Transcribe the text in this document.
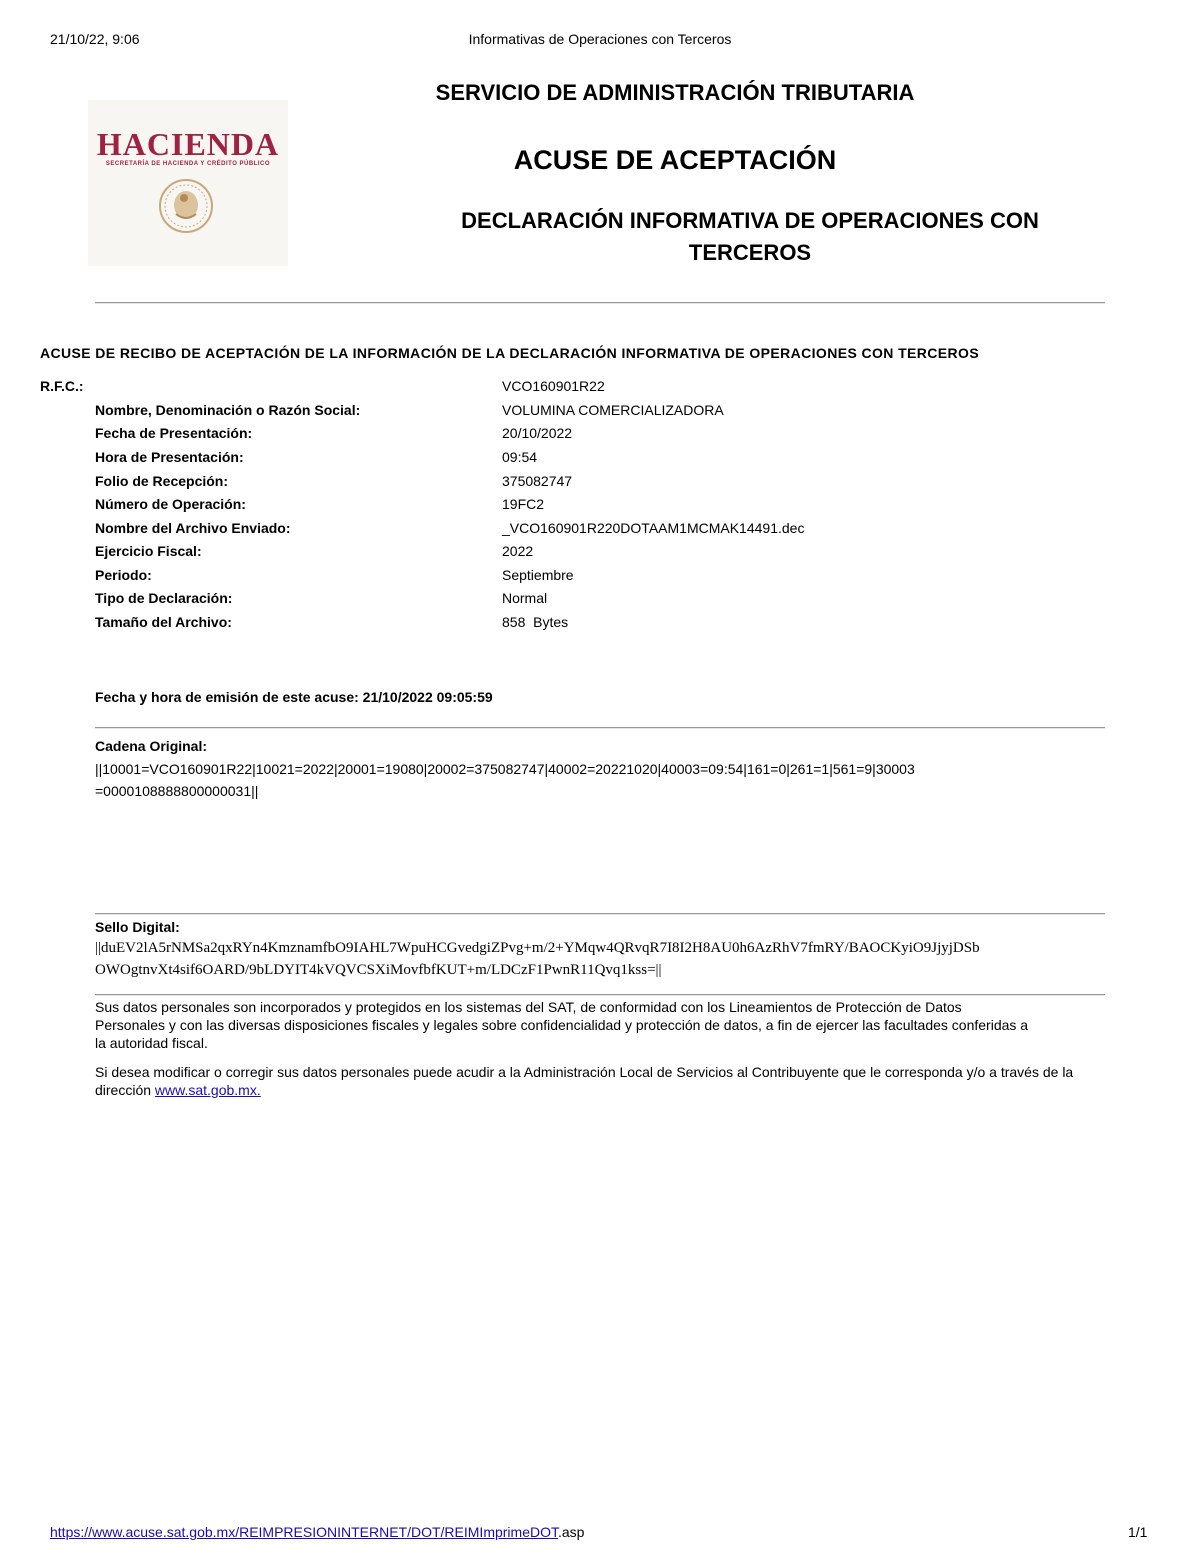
21/10/22, 9:06	Informativas de Operaciones con Terceros
HACIENDA
SECRETARÍA DE HACIENDA Y CRÉDITO PÚBLICO
SERVICIO DE ADMINISTRACIÓN TRIBUTARIA
ACUSE DE ACEPTACIÓN
DECLARACIÓN INFORMATIVA DE OPERACIONES CON
TERCEROS
ACUSE DE RECIBO DE ACEPTACIÓN DE LA INFORMACIÓN DE LA DECLARACIÓN INFORMATIVA DE OPERACIONES CON TERCEROS
R.F.C.:	VCO160901R22
Nombre, Denominación o Razón Social:	VOLUMINA COMERCIALIZADORA
Fecha de Presentación:	20/10/2022
Hora de Presentación:	09:54
Folio de Recepción:	375082747
Número de Operación:	19FC2
Nombre del Archivo Enviado:	_VCO160901R220DOTAAM1MCMAK14491.dec
Ejercicio Fiscal:	2022
Periodo:	Septiembre
Tipo de Declaración:	Normal
Tamaño del Archivo:	858  Bytes
Fecha y hora de emisión de este acuse: 21/10/2022 09:05:59
Cadena Original:
||10001=VCO160901R22|10021=2022|20001=19080|20002=375082747|40002=20221020|40003=09:54|161=0|261=1|561=9|30003
=0000108888800000031||
Sello Digital:
||duEV2lA5rNMSa2qxRYn4KmznamfbO9IAHL7WpuHCGvedgiZPvg+m/2+YMqw4QRvqR7I8I2H8AU0h6AzRhV7fmRY/BAOCKyiO9JjyjDSb
OWOgtnvXt4sif6OARD/9bLDYIT4kVQVCSXiMovfbfKUT+m/LDCzF1PwnR11Qvq1kss=||
Sus datos personales son incorporados y protegidos en los sistemas del SAT, de conformidad con los Lineamientos de Protección de Datos Personales y con las diversas disposiciones fiscales y legales sobre confidencialidad y protección de datos, a fin de ejercer las facultades conferidas a la autoridad fiscal.
Si desea modificar o corregir sus datos personales puede acudir a la Administración Local de Servicios al Contribuyente que le corresponda y/o a través de la dirección www.sat.gob.mx.
https://www.acuse.sat.gob.mx/REIMPRESIONINTERNET/DOT/REIMImprimeDOT.asp	1/1
